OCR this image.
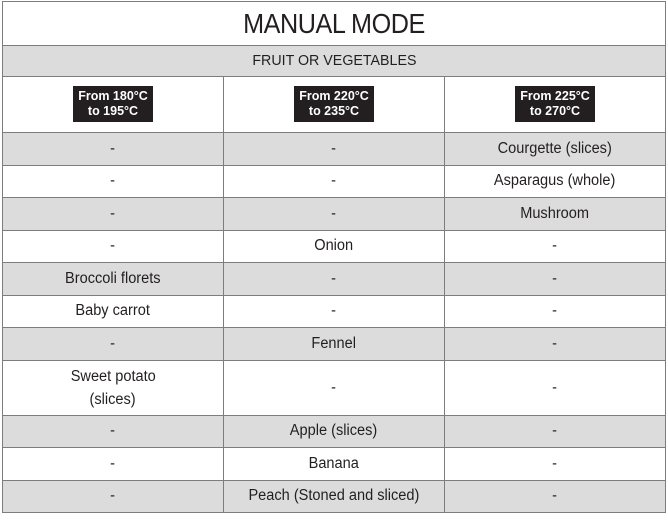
MANUAL MODE		
FRUIT OR VEGETABLES		
From 180°C
to 195°C	From 220°C
to 235°C	From 225°C
to 270°C
-	-	Courgette (slices)
-	-	Asparagus (whole)
-	-	Mushroom
-	Onion	-
Broccoli florets	-	-
Baby carrot	-	-
-	Fennel	-
Sweet potato
(slices)	-	-
-	Apple (slices)	-
-	Banana	-
-	Peach (Stoned and sliced)	-
